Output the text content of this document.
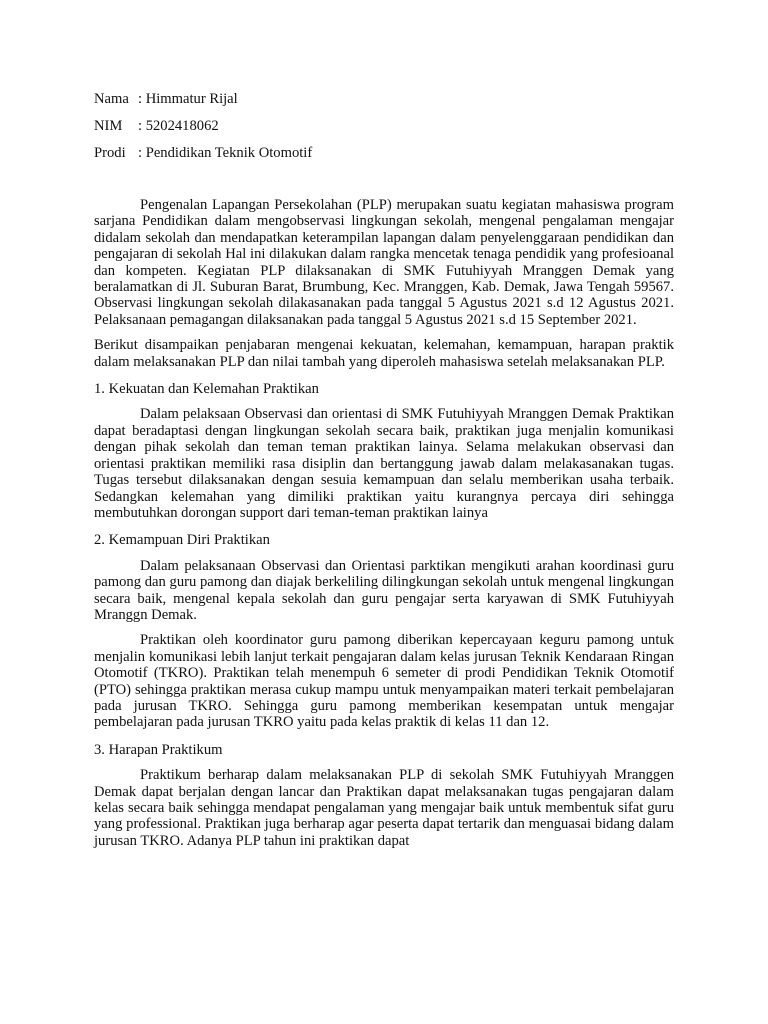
Nama : Himmatur Rijal
NIM	: 5202418062
Prodi : Pendidikan Teknik Otomotif

Pengenalan Lapangan Persekolahan (PLP) merupakan suatu kegiatan mahasiswa program sarjana Pendidikan dalam mengobservasi lingkungan sekolah, mengenal pengalaman mengajar didalam sekolah dan mendapatkan keterampilan lapangan dalam penyelenggaraan pendidikan dan pengajaran di sekolah Hal ini dilakukan dalam rangka mencetak tenaga pendidik yang profesioanal dan kompeten. Kegiatan PLP dilaksanakan di SMK Futuhiyyah Mranggen Demak yang beralamatkan di Jl. Suburan Barat, Brumbung, Kec. Mranggen, Kab. Demak, Jawa Tengah 59567. Observasi lingkungan sekolah dilakasanakan pada tanggal 5 Agustus 2021 s.d 12 Agustus 2021. Pelaksanaan pemagangan dilaksanakan pada tanggal 5 Agustus 2021 s.d 15 September 2021.

Berikut disampaikan penjabaran mengenai kekuatan, kelemahan, kemampuan, harapan praktik dalam melaksanakan PLP dan nilai tambah yang diperoleh mahasiswa setelah melaksanakan PLP.

1. Kekuatan dan Kelemahan Praktikan

Dalam pelaksaan Observasi dan orientasi di SMK Futuhiyyah Mranggen Demak Praktikan dapat beradaptasi dengan lingkungan sekolah secara baik, praktikan juga menjalin komunikasi dengan pihak sekolah dan teman teman praktikan lainya. Selama melakukan observasi dan orientasi praktikan memiliki rasa disiplin dan bertanggung jawab dalam melakasanakan tugas. Tugas tersebut dilaksanakan dengan sesuia kemampuan dan selalu memberikan usaha terbaik. Sedangkan kelemahan yang dimiliki praktikan yaitu kurangnya percaya diri sehingga membutuhkan dorongan support dari teman-teman praktikan lainya

2. Kemampuan Diri Praktikan

Dalam pelaksanaan Observasi dan Orientasi parktikan mengikuti arahan koordinasi guru pamong dan guru pamong dan diajak berkeliling dilingkungan sekolah untuk mengenal lingkungan secara baik, mengenal kepala sekolah dan guru pengajar serta karyawan di SMK Futuhiyyah Mranggn Demak.

Praktikan oleh koordinator guru pamong diberikan kepercayaan keguru pamong untuk menjalin komunikasi lebih lanjut terkait pengajaran dalam kelas jurusan Teknik Kendaraan Ringan Otomotif (TKRO). Praktikan telah menempuh 6 semeter di prodi Pendidikan Teknik Otomotif (PTO) sehingga praktikan merasa cukup mampu untuk menyampaikan materi terkait pembelajaran pada jurusan TKRO. Sehingga guru pamong memberikan kesempatan untuk mengajar pembelajaran pada jurusan TKRO yaitu pada kelas praktik di kelas 11 dan 12.

3. Harapan Praktikum

Praktikum berharap dalam melaksanakan PLP di sekolah SMK Futuhiyyah Mranggen Demak dapat berjalan dengan lancar dan Praktikan dapat melaksanakan tugas pengajaran dalam kelas secara baik sehingga mendapat pengalaman yang mengajar baik untuk membentuk sifat guru yang professional. Praktikan juga berharap agar peserta dapat tertarik dan menguasai bidang dalam jurusan TKRO. Adanya PLP tahun ini praktikan dapat
